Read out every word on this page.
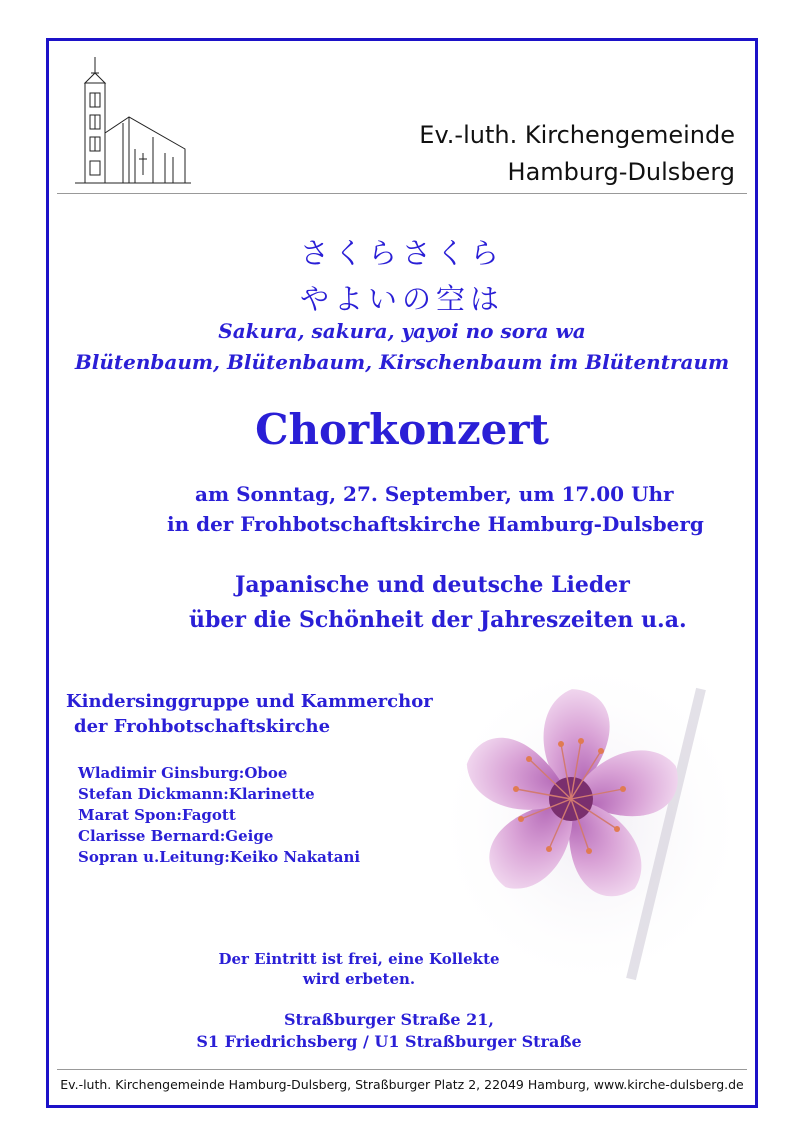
Ev.-luth. Kirchengemeinde
Hamburg-Dulsberg
さくらさくら
やよいの空は
Sakura, sakura, yayoi no sora wa
Blütenbaum, Blütenbaum, Kirschenbaum im Blütentraum
Chorkonzert
am Sonntag, 27. September, um 17.00 Uhr
in der Frohbotschaftskirche Hamburg-Dulsberg
Japanische und deutsche Lieder
über die Schönheit der Jahreszeiten u.a.
Kindersinggruppe und Kammerchor
der Frohbotschaftskirche
Wladimir Ginsburg:Oboe
Stefan Dickmann:Klarinette
Marat Spon:Fagott
Clarisse Bernard:Geige
Sopran u.Leitung:Keiko Nakatani
Der Eintritt ist frei, eine Kollekte
wird erbeten.
Straßburger Straße 21,
S1 Friedrichsberg / U1 Straßburger Straße
Ev.-luth. Kirchengemeinde Hamburg-Dulsberg, Straßburger Platz 2, 22049 Hamburg, www.kirche-dulsberg.de
